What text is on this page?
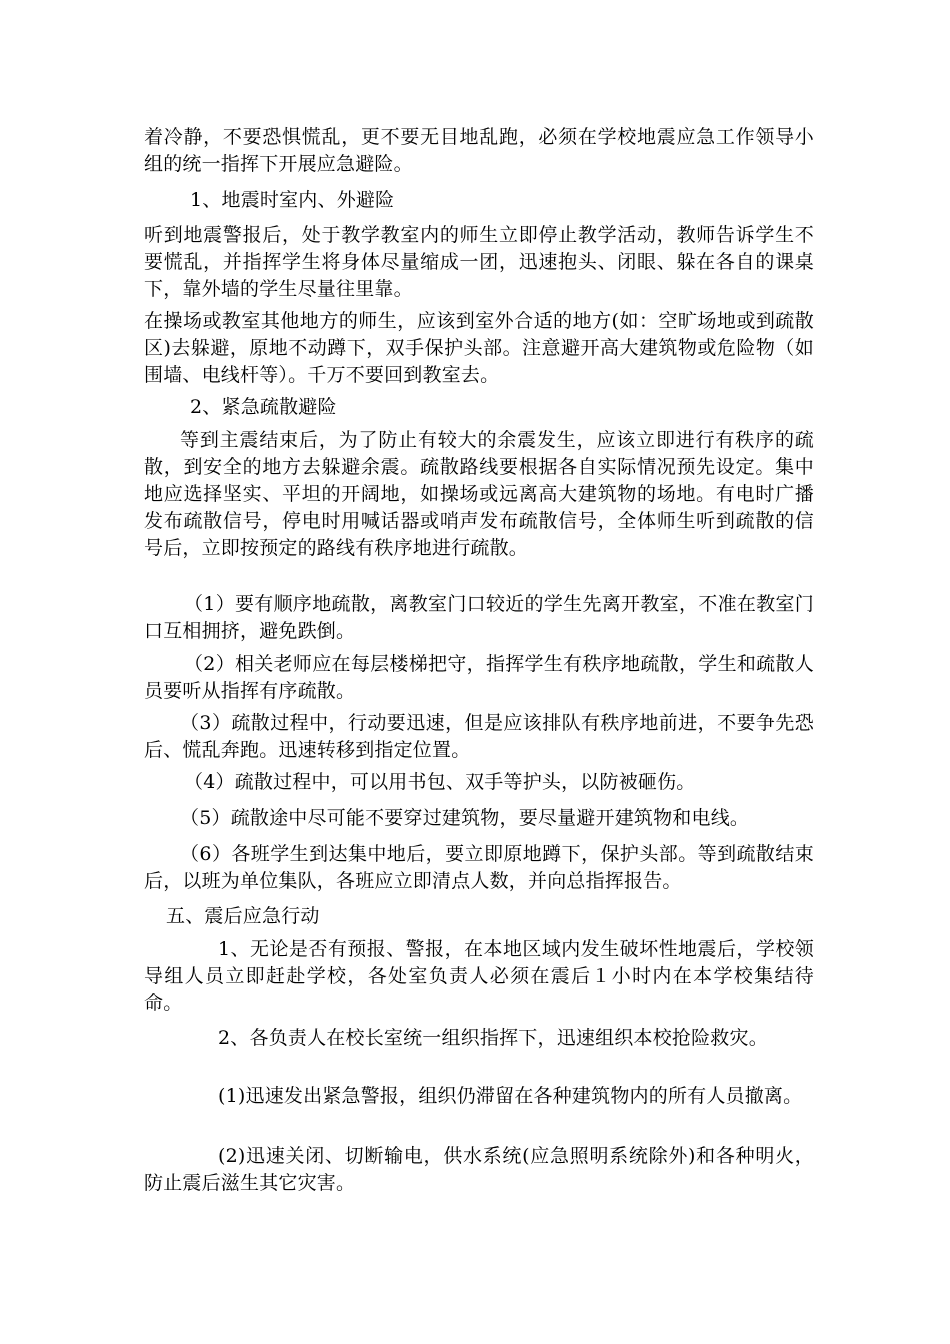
着冷静，不要恐惧慌乱，更不要无目地乱跑，必须在学校地震应急工作领导小组的统一指挥下开展应急避险。

1、地震时室内、外避险

听到地震警报后，处于教学教室内的师生立即停止教学活动，教师告诉学生不要慌乱，并指挥学生将身体尽量缩成一团，迅速抱头、闭眼、躲在各自的课桌下，靠外墙的学生尽量往里靠。

在操场或教室其他地方的师生，应该到室外合适的地方(如：空旷场地或到疏散区)去躲避，原地不动蹲下，双手保护头部。注意避开高大建筑物或危险物（如围墙、电线杆等）。千万不要回到教室去。

2、紧急疏散避险

等到主震结束后，为了防止有较大的余震发生，应该立即进行有秩序的疏散，到安全的地方去躲避余震。疏散路线要根据各自实际情况预先设定。集中地应选择坚实、平坦的开阔地，如操场或远离高大建筑物的场地。有电时广播发布疏散信号，停电时用喊话器或哨声发布疏散信号，全体师生听到疏散的信号后，立即按预定的路线有秩序地进行疏散。

（1）要有顺序地疏散，离教室门口较近的学生先离开教室，不准在教室门口互相拥挤，避免跌倒。

（2）相关老师应在每层楼梯把守，指挥学生有秩序地疏散，学生和疏散人员要听从指挥有序疏散。

（3）疏散过程中，行动要迅速，但是应该排队有秩序地前进，不要争先恐后、慌乱奔跑。迅速转移到指定位置。

（4）疏散过程中，可以用书包、双手等护头，以防被砸伤。

（5）疏散途中尽可能不要穿过建筑物，要尽量避开建筑物和电线。

（6）各班学生到达集中地后，要立即原地蹲下，保护头部。等到疏散结束后，以班为单位集队，各班应立即清点人数，并向总指挥报告。

五、震后应急行动

1、无论是否有预报、警报，在本地区域内发生破坏性地震后，学校领导组人员立即赶赴学校，各处室负责人必须在震后１小时内在本学校集结待命。

2、各负责人在校长室统一组织指挥下，迅速组织本校抢险救灾。

(1)迅速发出紧急警报，组织仍滞留在各种建筑物内的所有人员撤离。

(2)迅速关闭、切断输电，供水系统(应急照明系统除外)和各种明火，防止震后滋生其它灾害。
